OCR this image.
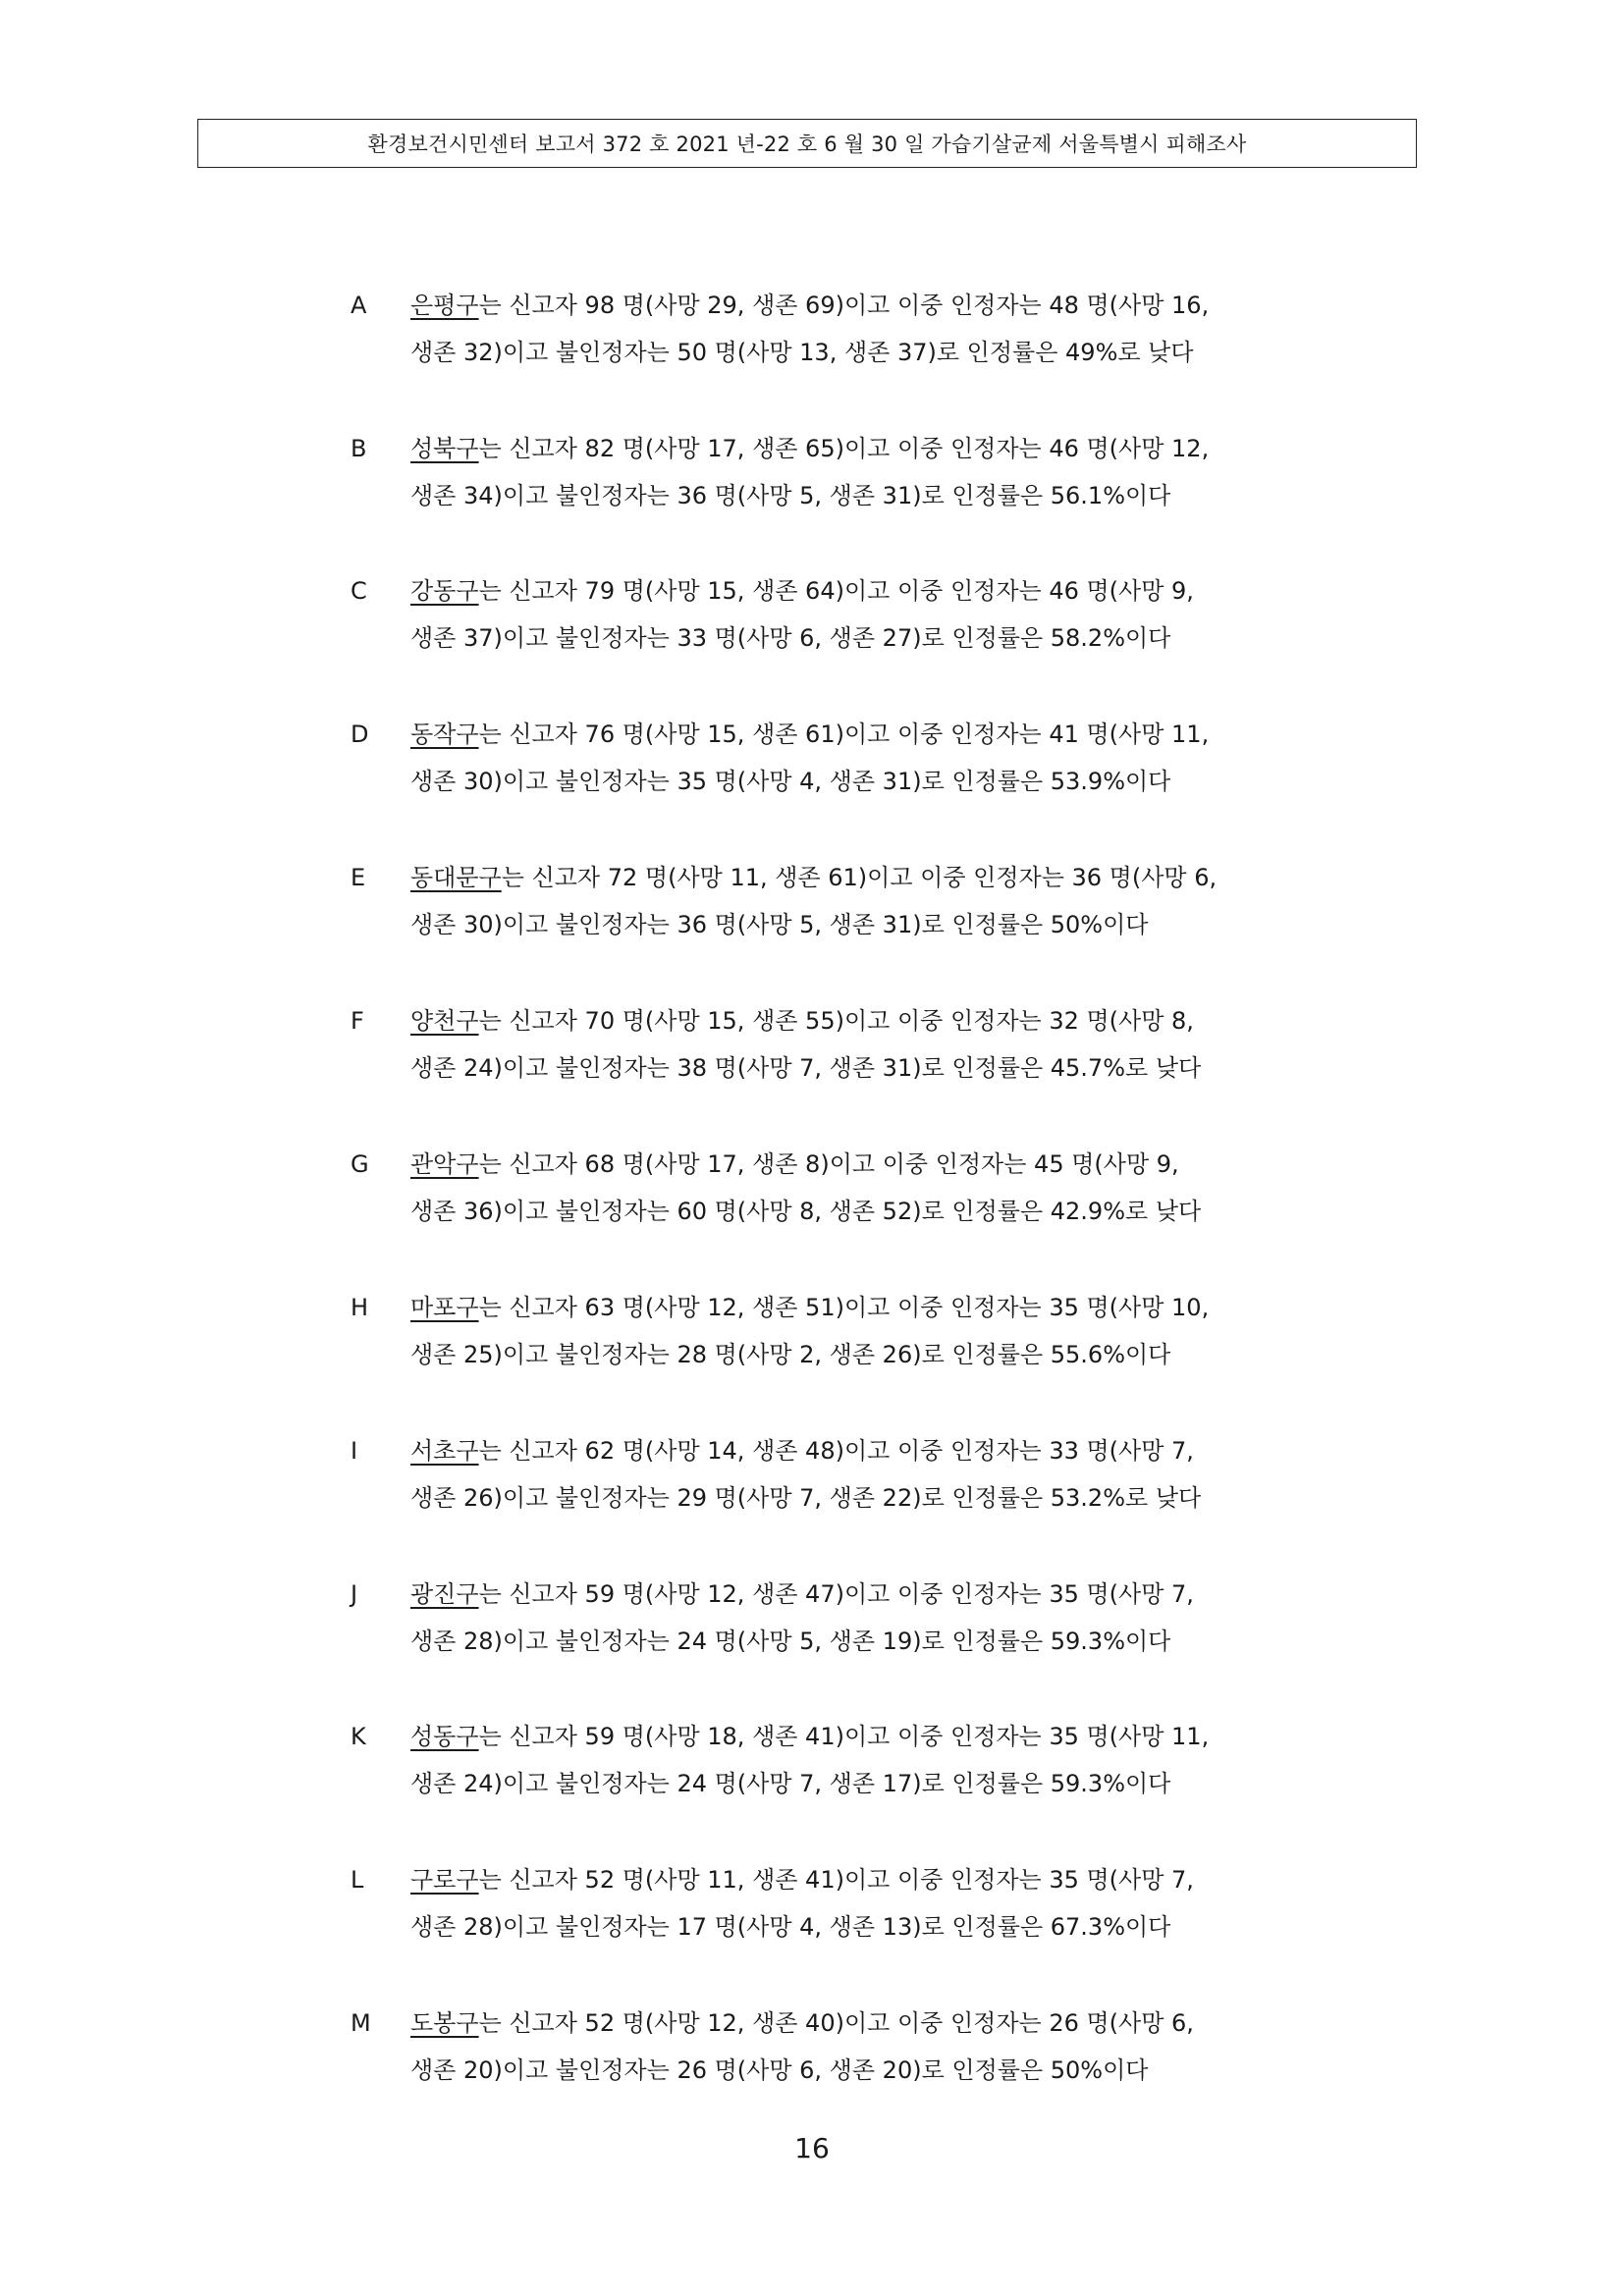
환경보건시민센터 보고서 372 호 2021 년-22 호 6 월 30 일 가습기살균제 서울특별시 피해조사
A 은평구는 신고자 98 명(사망 29, 생존 69)이고 이중 인정자는 48 명(사망 16,
생존 32)이고 불인정자는 50 명(사망 13, 생존 37)로 인정률은 49%로 낮다
B 성북구는 신고자 82 명(사망 17, 생존 65)이고 이중 인정자는 46 명(사망 12,
생존 34)이고 불인정자는 36 명(사망 5, 생존 31)로 인정률은 56.1%이다
C 강동구는 신고자 79 명(사망 15, 생존 64)이고 이중 인정자는 46 명(사망 9,
생존 37)이고 불인정자는 33 명(사망 6, 생존 27)로 인정률은 58.2%이다
D 동작구는 신고자 76 명(사망 15, 생존 61)이고 이중 인정자는 41 명(사망 11,
생존 30)이고 불인정자는 35 명(사망 4, 생존 31)로 인정률은 53.9%이다
E 동대문구는 신고자 72 명(사망 11, 생존 61)이고 이중 인정자는 36 명(사망 6,
생존 30)이고 불인정자는 36 명(사망 5, 생존 31)로 인정률은 50%이다
F 양천구는 신고자 70 명(사망 15, 생존 55)이고 이중 인정자는 32 명(사망 8,
생존 24)이고 불인정자는 38 명(사망 7, 생존 31)로 인정률은 45.7%로 낮다
G 관악구는 신고자 68 명(사망 17, 생존 8)이고 이중 인정자는 45 명(사망 9,
생존 36)이고 불인정자는 60 명(사망 8, 생존 52)로 인정률은 42.9%로 낮다
H 마포구는 신고자 63 명(사망 12, 생존 51)이고 이중 인정자는 35 명(사망 10,
생존 25)이고 불인정자는 28 명(사망 2, 생존 26)로 인정률은 55.6%이다
I 서초구는 신고자 62 명(사망 14, 생존 48)이고 이중 인정자는 33 명(사망 7,
생존 26)이고 불인정자는 29 명(사망 7, 생존 22)로 인정률은 53.2%로 낮다
J 광진구는 신고자 59 명(사망 12, 생존 47)이고 이중 인정자는 35 명(사망 7,
생존 28)이고 불인정자는 24 명(사망 5, 생존 19)로 인정률은 59.3%이다
K 성동구는 신고자 59 명(사망 18, 생존 41)이고 이중 인정자는 35 명(사망 11,
생존 24)이고 불인정자는 24 명(사망 7, 생존 17)로 인정률은 59.3%이다
L 구로구는 신고자 52 명(사망 11, 생존 41)이고 이중 인정자는 35 명(사망 7,
생존 28)이고 불인정자는 17 명(사망 4, 생존 13)로 인정률은 67.3%이다
M 도봉구는 신고자 52 명(사망 12, 생존 40)이고 이중 인정자는 26 명(사망 6,
생존 20)이고 불인정자는 26 명(사망 6, 생존 20)로 인정률은 50%이다
16
